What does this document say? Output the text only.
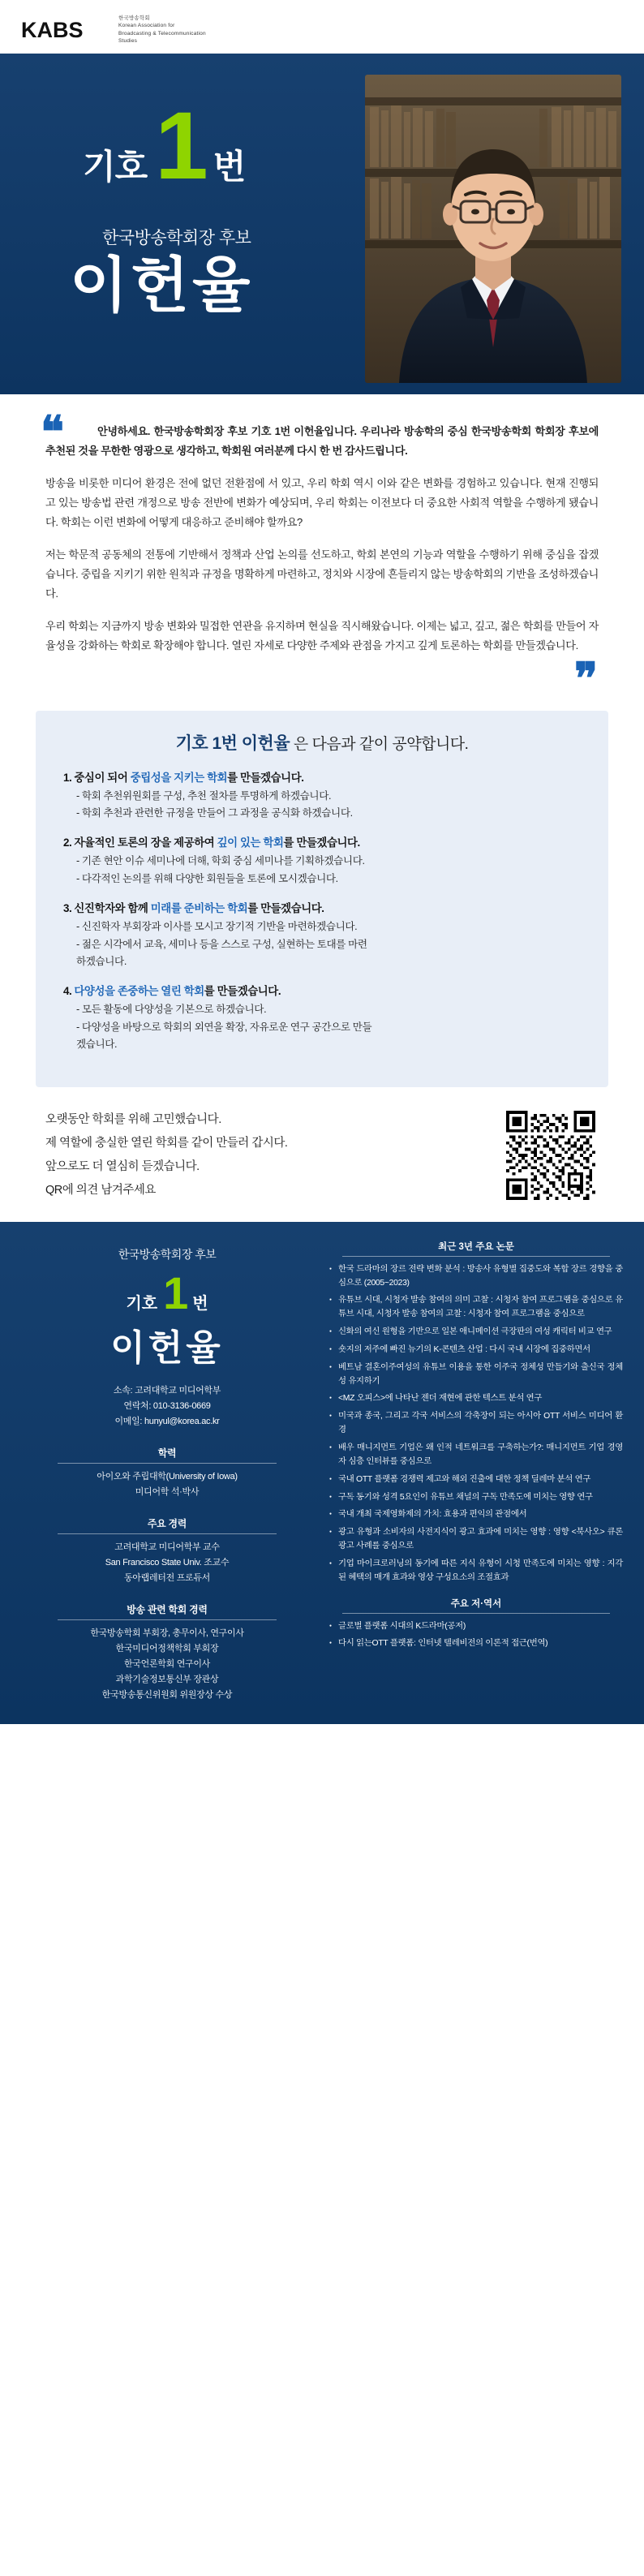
KABS	한국방송학회
Korean Association for
Broadcasting & Telecommunication Studies
기호 1 번
한국방송학회장 후보
이헌율
❝	안녕하세요. 한국방송학회장 후보 기호 1번 이헌율입니다. 우리나라 방송학의 중심 한국방송학회 학회장 후보에 추천된 것을 무한한 영광으로 생각하고, 학회원 여러분께 다시 한 번 감사드립니다.

방송을 비롯한 미디어 환경은 전에 없던 전환점에 서 있고, 우리 학회 역시 이와 같은 변화를 경험하고 있습니다. 현재 진행되고 있는 방송법 관련 개정으로 방송 전반에 변화가 예상되며, 우리 학회는 이전보다 더 중요한 사회적 역할을 수행하게 됐습니다. 학회는 이런 변화에 어떻게 대응하고 준비해야 할까요?

저는 학문적 공동체의 전통에 기반해서 정책과 산업 논의를 선도하고, 학회 본연의 기능과 역할을 수행하기 위해 중심을 잡겠습니다. 중립을 지키기 위한 원칙과 규정을 명확하게 마련하고, 정치와 시장에 흔들리지 않는 방송학회의 기반을 조성하겠습니다.

우리 학회는 지금까지 방송 변화와 밀접한 연관을 유지하며 현실을 직시해왔습니다. 이제는 넓고, 깊고, 젊은 학회를 만들어 자율성을 강화하는 학회로 확장해야 합니다. 열린 자세로 다양한 주제와 관점을 가지고 깊게 토론하는 학회를 만들겠습니다.

❞
기호 1번 이헌율 은 다음과 같이 공약합니다.
1. 중심이 되어 중립성을 지키는 학회를 만들겠습니다.
- 학회 추천위원회를 구성, 추천 절차를 투명하게 하겠습니다.
- 학회 추천과 관련한 규정을 만들어 그 과정을 공식화 하겠습니다.
2. 자율적인 토론의 장을 제공하여 깊이 있는 학회를 만들겠습니다.
- 기존 현안 이슈 세미나에 더해, 학회 중심 세미나를 기획하겠습니다.
- 다각적인 논의를 위해 다양한 회원들을 토론에 모시겠습니다.
3. 신진학자와 함께 미래를 준비하는 학회를 만들겠습니다.
- 신진학자 부회장과 이사를 모시고 장기적 기반을 마련하겠습니다.
- 젊은 시각에서 교육, 세미나 등을 스스로 구성, 실현하는 토대를 마련
하겠습니다.
4. 다양성을 존중하는 열린 학회를 만들겠습니다.
- 모든 활동에 다양성을 기본으로 하겠습니다.
- 다양성을 바탕으로 학회의 외연을 확장, 자유로운 연구 공간으로 만들
겠습니다.
오랫동안 학회를 위해 고민했습니다.
제 역할에 충실한 열린 학회를 같이 만들러 갑시다.
앞으로도 더 열심히 듣겠습니다.
QR에 의견 남겨주세요
한국방송학회장 후보
기호 1 번
이헌율
소속: 고려대학교 미디어학부
연락처: 010-3136-0669
이메일: hunyul@korea.ac.kr
학력
아이오와 주립대학(University of Iowa)
미디어학 석·박사
주요 경력
고려대학교 미디어학부 교수
San Francisco State Univ. 조교수
동아랩레터전 프로듀서
방송 관련 학회 경력
한국방송학회 부회장, 총무이사, 연구이사
한국미디어정책학회 부회장
한국언론학회 연구이사
과학기술정보통신부 장관상
한국방송통신위원회 위원장상 수상
최근 3년 주요 논문
● 한국 드라마의 장르 전략 변화 분석 : 방송사 유형별 집중도와 복합 장르 경향을 중심으로 (2005~2023)
● 유튜브 시대, 시청자 발송 참여의 의미 고찰 : 시청자 참여 프로그램을 중심으로 유튜브 시대, 시청자 발송 참여의 고찰 : 시청자 참여 프로그램을 중심으로
● 신화의 여신 원형을 기반으로 일본 애니메이션 극장판의 여성 캐릭터 비교 연구
● 숏지의 저주에 빠진 뉴기의 K-콘텐츠 산업 : 다시 국내 시장에 집중하면서
● 베트남 결혼이주여성의 유튜브 이용을 통한 이주국 정체성 만들기와 출신국 정체성 유지하기
● <MZ 오피스>에 나타난 젠더 재현에 관한 텍스트 분석 연구
● 미국과 종국, 그리고 각국 서비스의 각축장이 되는 아시아 OTT 서비스 미디어 환경
● 배우 매니지먼트 기업은 왜 인적 네트워크를 구축하는가?: 매니지먼트 기업 경영자 심층 인터뷰를 중심으로
● 국내 OTT 플랫폼 경쟁력 제고와 해외 진출에 대한 정책 딜레마 분석 연구
● 구독 동기와 성격 5요인이 유튜브 채널의 구독 만족도에 미치는 영향 연구
● 국내 개최 국제영화제의 가치: 효용과 편익의 관점에서
● 광고 유형과 소비자의 사전지식이 광고 효과에 미치는 영향 : 영향 <북사오> 큐론광고 사례를 중심으로
● 기업 마이크로러닝의 동기에 따른 지식 유형이 시청 만족도에 미치는 영향 : 지각된 혜택의 매개 효과와 영상 구성요소의 조절효과
주요 저·역서
● 글로벌 플랫폼 시대의 K드라마(공저)
● 다시 읽는OTT 플랫폼: 인터넷 텔레비전의 이론적 접근(번역)
